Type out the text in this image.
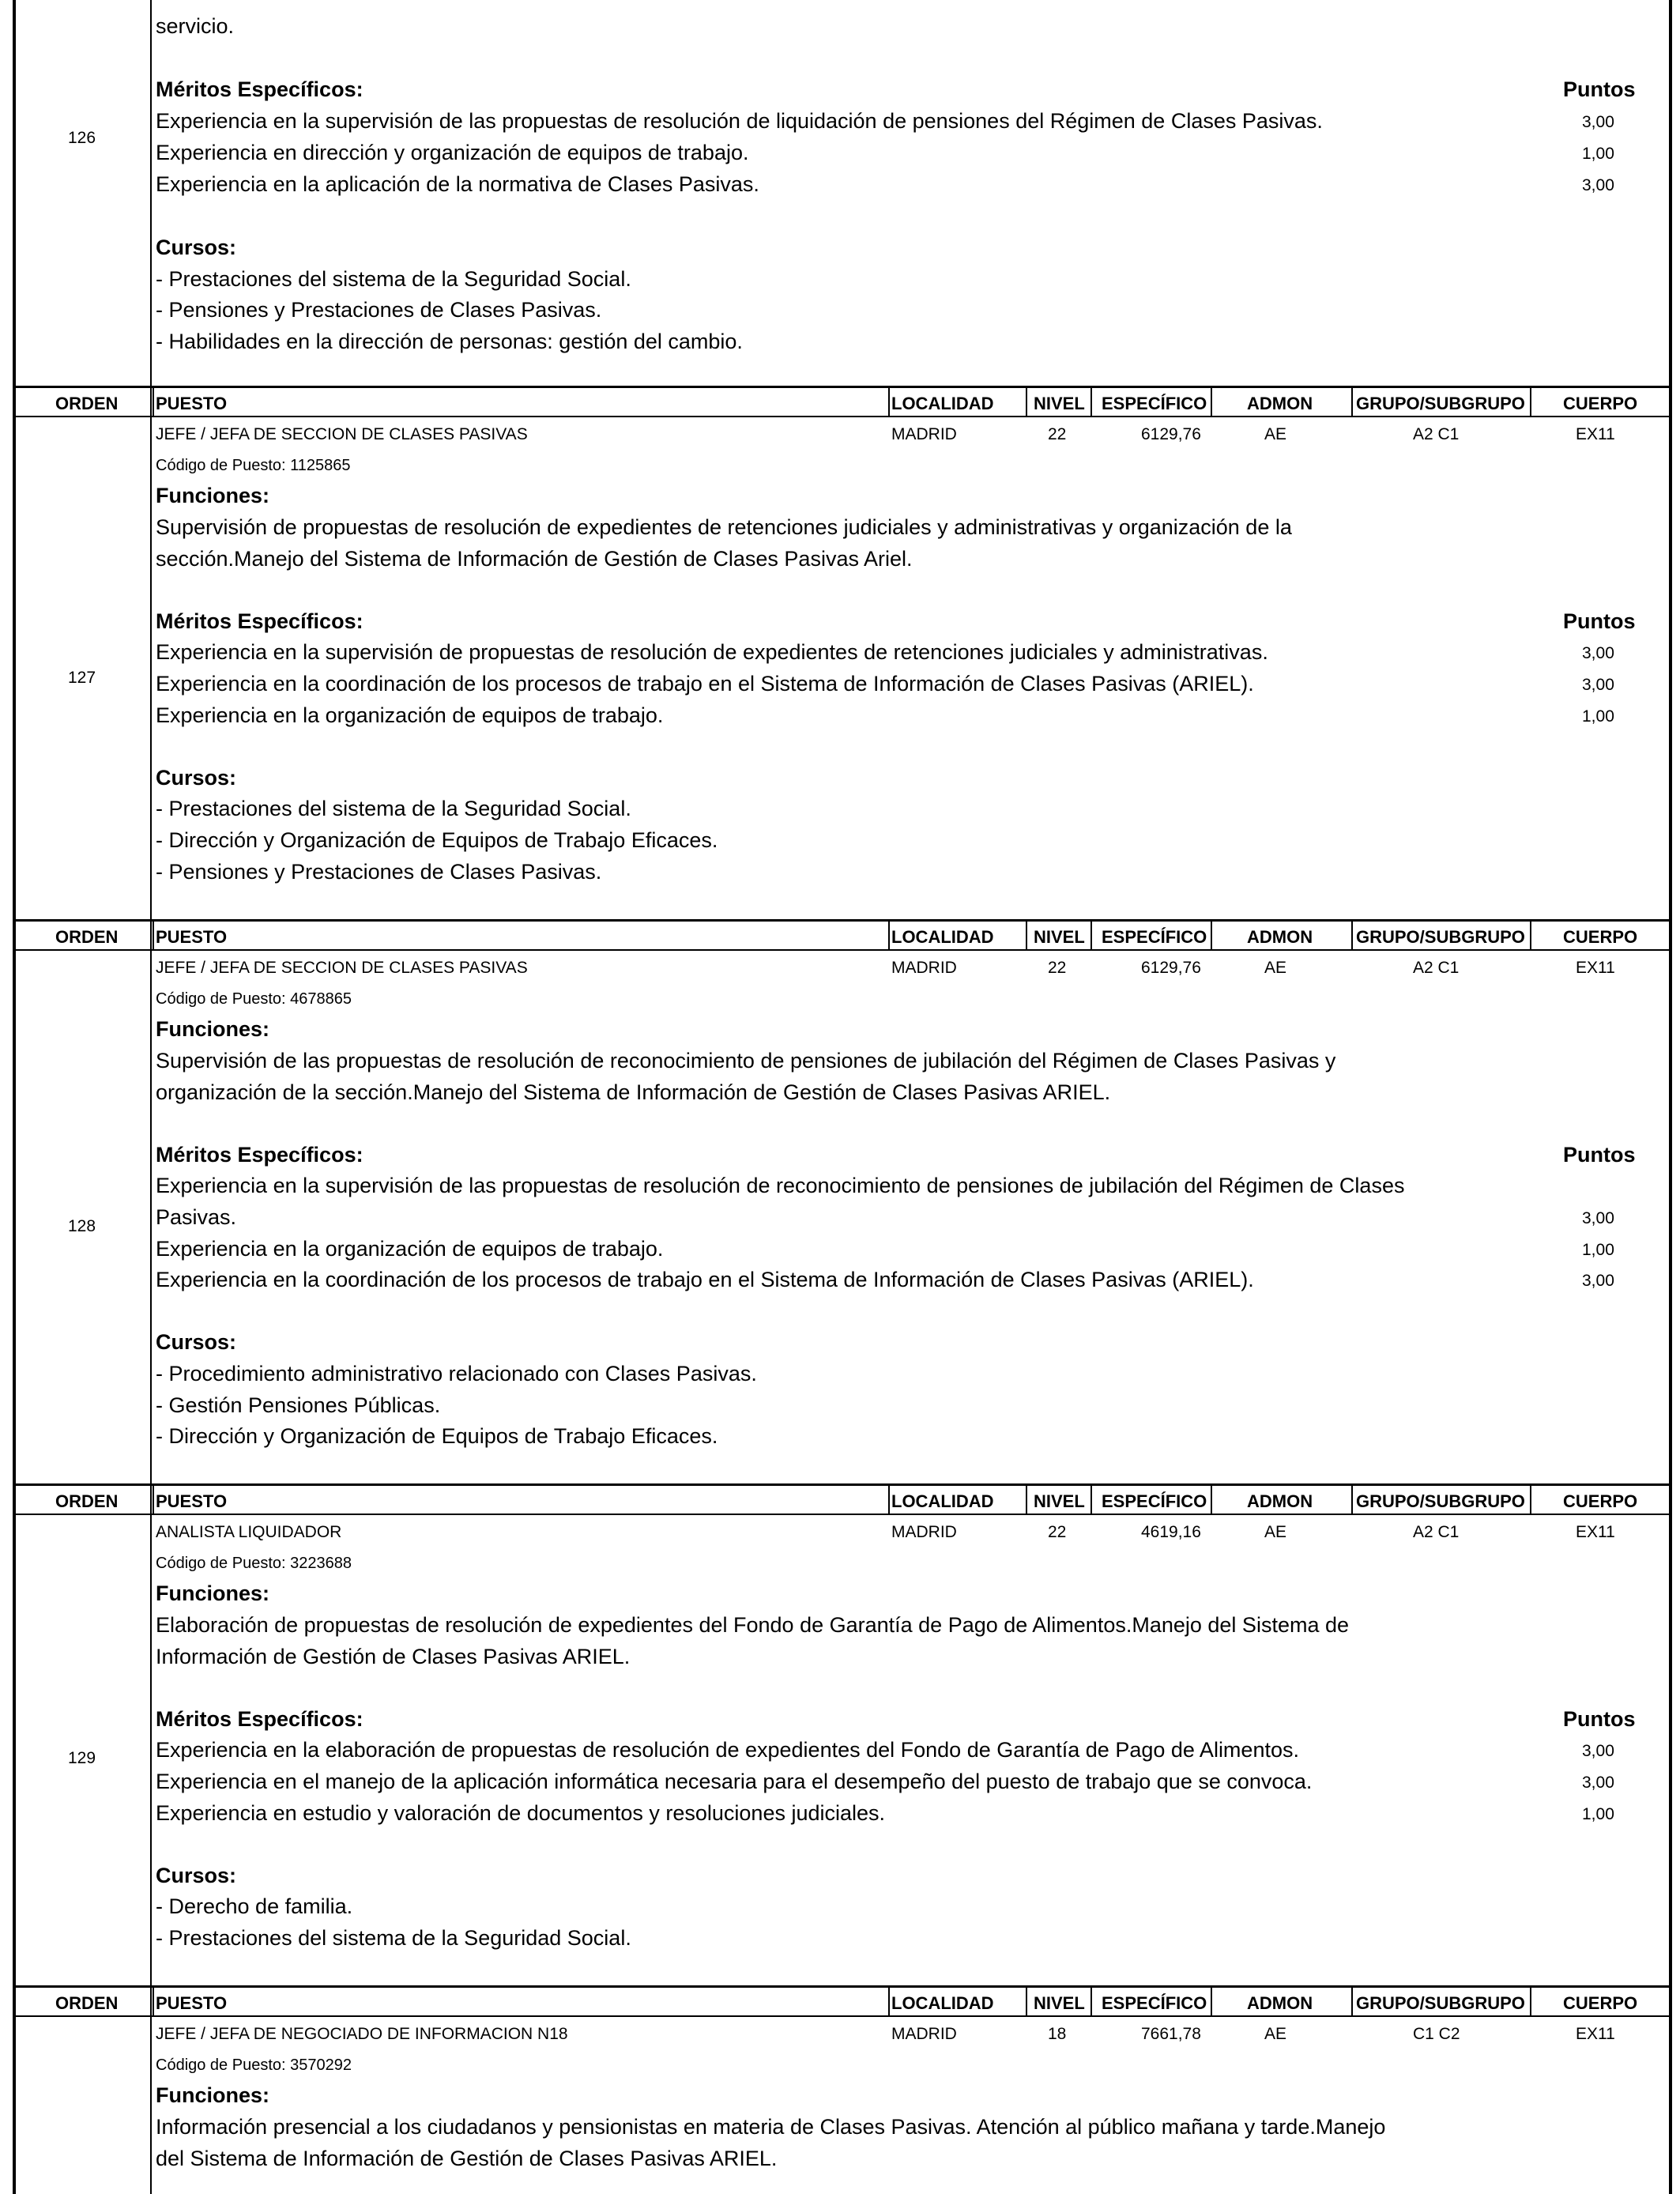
servicio.
Méritos Específicos:	Puntos
Experiencia en la supervisión de las propuestas de resolución de liquidación de pensiones del Régimen de Clases Pasivas.	3,00
Experiencia en dirección y organización de equipos de trabajo.	1,00
Experiencia en la aplicación de la normativa de Clases Pasivas.	3,00
126
Cursos:
- Prestaciones del sistema de la Seguridad Social.
- Pensiones y Prestaciones de Clases Pasivas.
- Habilidades en la dirección de personas: gestión del cambio.
ORDEN PUESTO	LOCALIDAD NIVEL ESPECÍFICO ADMON GRUPO/SUBGRUPO CUERPO
JEFE / JEFA DE SECCION DE CLASES PASIVAS	MADRID	22	6129,76	AE	A2 C1	EX11
Código de Puesto: 1125865
Funciones:
Supervisión de propuestas de resolución de expedientes de retenciones judiciales y administrativas y organización de la
sección.Manejo del Sistema de Información de Gestión de Clases Pasivas Ariel.
Méritos Específicos:	Puntos
Experiencia en la supervisión de propuestas de resolución de expedientes de retenciones judiciales y administrativas.	3,00
Experiencia en la coordinación de los procesos de trabajo en el Sistema de Información de Clases Pasivas (ARIEL).	3,00
Experiencia en la organización de equipos de trabajo.	1,00
Cursos:
- Prestaciones del sistema de la Seguridad Social.
- Dirección y Organización de Equipos de Trabajo Eficaces.
- Pensiones y Prestaciones de Clases Pasivas.
127
ORDEN PUESTO	LOCALIDAD NIVEL ESPECÍFICO ADMON GRUPO/SUBGRUPO CUERPO
JEFE / JEFA DE SECCION DE CLASES PASIVAS	MADRID	22	6129,76	AE	A2 C1	EX11
Código de Puesto: 4678865
Funciones:
Supervisión de las propuestas de resolución de reconocimiento de pensiones de jubilación del Régimen de Clases Pasivas y
organización de la sección.Manejo del Sistema de Información de Gestión de Clases Pasivas ARIEL.
Méritos Específicos:	Puntos
Experiencia en la supervisión de las propuestas de resolución de reconocimiento de pensiones de jubilación del Régimen de Clases
Pasivas.	3,00
Experiencia en la organización de equipos de trabajo.	1,00
Experiencia en la coordinación de los procesos de trabajo en el Sistema de Información de Clases Pasivas (ARIEL).	3,00
Cursos:
- Procedimiento administrativo relacionado con Clases Pasivas.
- Gestión Pensiones Públicas.
- Dirección y Organización de Equipos de Trabajo Eficaces.
128
ORDEN PUESTO	LOCALIDAD NIVEL ESPECÍFICO ADMON GRUPO/SUBGRUPO CUERPO
ANALISTA LIQUIDADOR	MADRID	22	4619,16	AE	A2 C1	EX11
Código de Puesto: 3223688
Funciones:
Elaboración de propuestas de resolución de expedientes del Fondo de Garantía de Pago de Alimentos.Manejo del Sistema de
Información de Gestión de Clases Pasivas ARIEL.
Méritos Específicos:	Puntos
Experiencia en la elaboración de propuestas de resolución de expedientes del Fondo de Garantía de Pago de Alimentos.	3,00
Experiencia en el manejo de la aplicación informática necesaria para el desempeño del puesto de trabajo que se convoca.	3,00
Experiencia en estudio y valoración de documentos y resoluciones judiciales.	1,00
Cursos:
- Derecho de familia.
- Prestaciones del sistema de la Seguridad Social.
129
ORDEN PUESTO	LOCALIDAD NIVEL ESPECÍFICO ADMON GRUPO/SUBGRUPO CUERPO
JEFE / JEFA DE NEGOCIADO DE INFORMACION N18	MADRID	18	7661,78	AE	C1 C2	EX11
Código de Puesto: 3570292
Funciones:
Información presencial a los ciudadanos y pensionistas en materia de Clases Pasivas. Atención al público mañana y tarde.Manejo
del Sistema de Información de Gestión de Clases Pasivas ARIEL.
